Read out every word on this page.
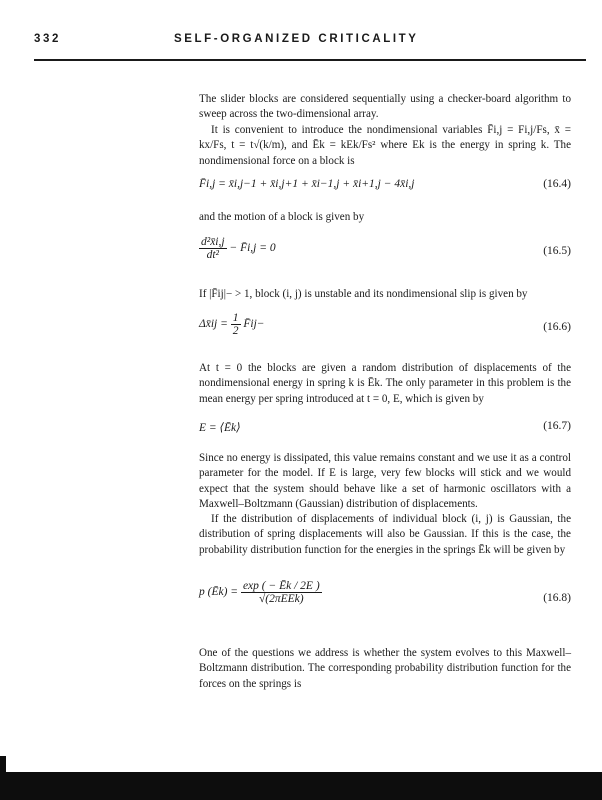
332	SELF-ORGANIZED CRITICALITY

The slider blocks are considered sequentially using a checker-board algorithm to sweep across the two-dimensional array.

It is convenient to introduce the nondimensional variables F̄i,j = Fi,j/Fs, x̄ = kx/Fs, t = t√(k/m), and Ēk = kEk/Fs² where Ek is the energy in spring k. The nondimensional force on a block is

F̄i,j = x̄i,j−1 + x̄i,j+1 + x̄i−1,j + x̄i+1,j − 4x̄i,j	(16.4)

and the motion of a block is given by

$\frac{\text{d²x̄i,j}}{\text{dt²}}$ − F̄i,j = 0	(16.5)

If |F̄ij|− > 1, block (i, j) is unstable and its nondimensional slip is given by

Δx̄ij = $\frac{1}{2}$ F̄ij−	(16.6)

At t = 0 the blocks are given a random distribution of displacements of the nondimensional energy in spring k is Ēk. The only parameter in this problem is the mean energy per spring introduced at t = 0, E, which is given by

E = ⟨Ēk⟩	(16.7)

Since no energy is dissipated, this value remains constant and we use it as a control parameter for the model. If E is large, very few blocks will stick and we would expect that the system should behave like a set of harmonic oscillators with a Maxwell–Boltzmann (Gaussian) distribution of displacements.

If the distribution of displacements of individual block (i, j) is Gaussian, the distribution of spring displacements will also be Gaussian. If this is the case, the probability distribution function for the energies in the springs Ēk will be given by

p (Ēk) = $\frac{\exp ( - Ēk / 2E )}{\text{√(2πEEk)}}$	(16.8)

One of the questions we address is whether the system evolves to this Maxwell–Boltzmann distribution. The corresponding probability distribution function for the forces on the springs is
